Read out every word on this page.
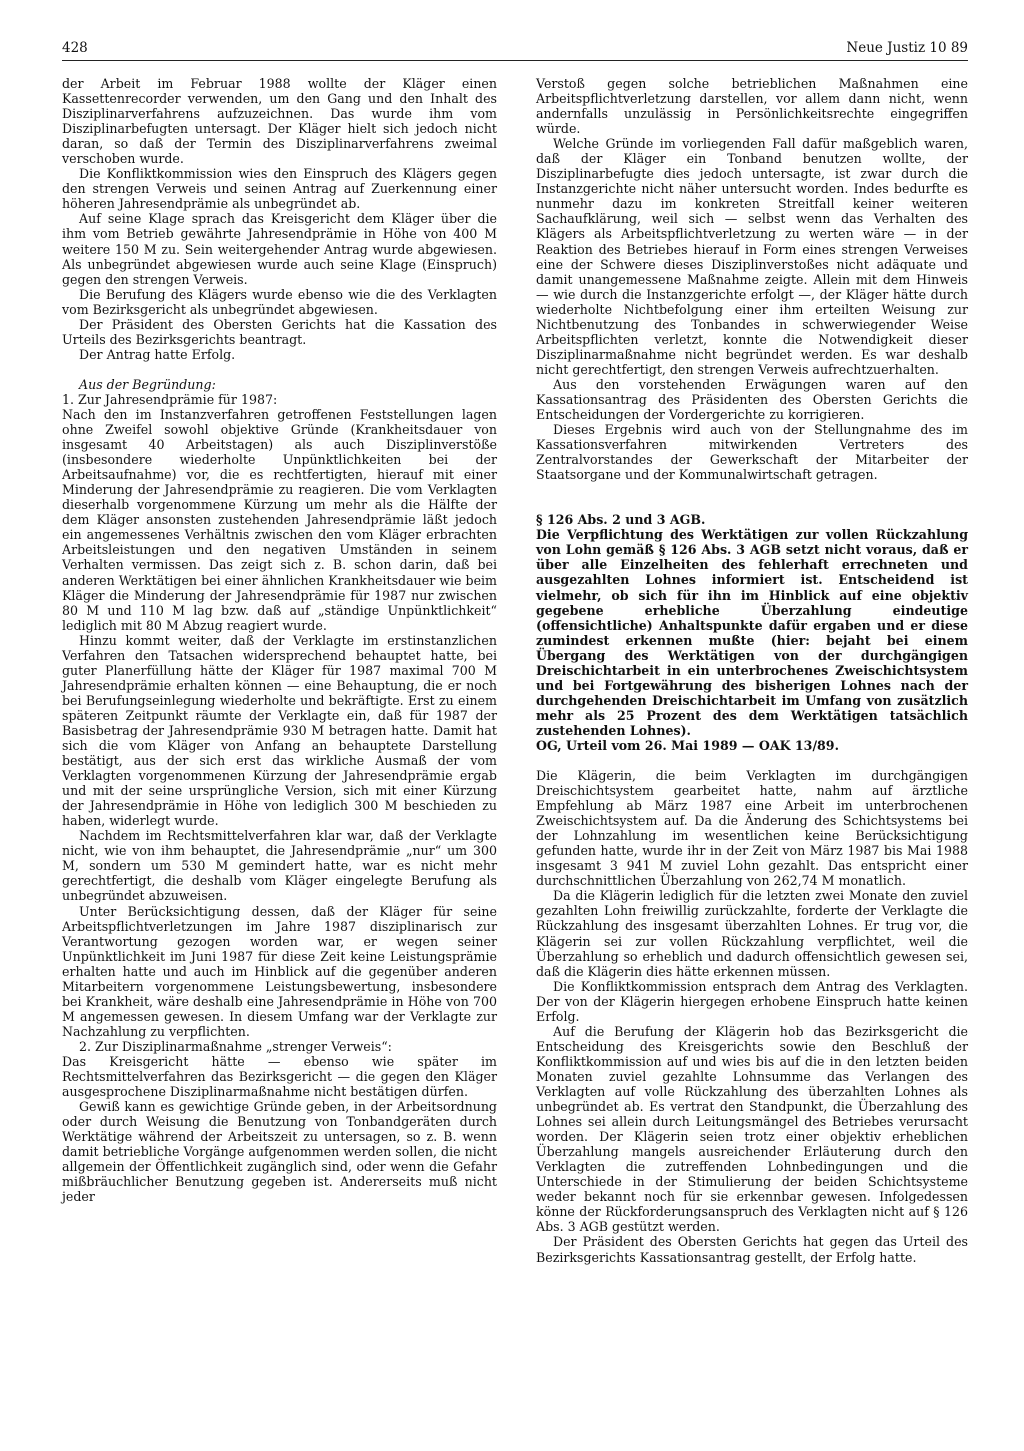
428	Neue Justiz 10 89

der Arbeit im Februar 1988 wollte der Kläger einen Kassettenrecorder verwenden, um den Gang und den Inhalt des Disziplinarverfahrens aufzuzeichnen. Das wurde ihm vom Disziplinarbefugten untersagt. Der Kläger hielt sich jedoch nicht daran, so daß der Termin des Disziplinarverfahrens zweimal verschoben wurde.

Die Konfliktkommission wies den Einspruch des Klägers gegen den strengen Verweis und seinen Antrag auf Zuerkennung einer höheren Jahresendprämie als unbegründet ab.

Auf seine Klage sprach das Kreisgericht dem Kläger über die ihm vom Betrieb gewährte Jahresendprämie in Höhe von 400 M weitere 150 M zu. Sein weitergehender Antrag wurde abgewiesen. Als unbegründet abgewiesen wurde auch seine Klage (Einspruch) gegen den strengen Verweis.

Die Berufung des Klägers wurde ebenso wie die des Verklagten vom Bezirksgericht als unbegründet abgewiesen.

Der Präsident des Obersten Gerichts hat die Kassation des Urteils des Bezirksgerichts beantragt.

Der Antrag hatte Erfolg.

Aus der Begründung:

1. Zur Jahresendprämie für 1987:

Nach den im Instanzverfahren getroffenen Feststellungen lagen ohne Zweifel sowohl objektive Gründe (Krankheitsdauer von insgesamt 40 Arbeitstagen) als auch Disziplinverstöße (insbesondere wiederholte Unpünktlichkeiten bei der Arbeitsaufnahme) vor, die es rechtfertigten, hierauf mit einer Minderung der Jahresendprämie zu reagieren. Die vom Verklagten dieserhalb vorgenommene Kürzung um mehr als die Hälfte der dem Kläger ansonsten zustehenden Jahresendprämie läßt jedoch ein angemessenes Verhältnis zwischen den vom Kläger erbrachten Arbeitsleistungen und den negativen Umständen in seinem Verhalten vermissen. Das zeigt sich z. B. schon darin, daß bei anderen Werktätigen bei einer ähnlichen Krankheitsdauer wie beim Kläger die Minderung der Jahresendprämie für 1987 nur zwischen 80 M und 110 M lag bzw. daß auf „ständige Unpünktlichkeit“ lediglich mit 80 M Abzug reagiert wurde.

Hinzu kommt weiter, daß der Verklagte im erstinstanzlichen Verfahren den Tatsachen widersprechend behauptet hatte, bei guter Planerfüllung hätte der Kläger für 1987 maximal 700 M Jahresendprämie erhalten können — eine Behauptung, die er noch bei Berufungseinlegung wiederholte und bekräftigte. Erst zu einem späteren Zeitpunkt räumte der Verklagte ein, daß für 1987 der Basisbetrag der Jahresendprämie 930 M betragen hatte. Damit hat sich die vom Kläger von Anfang an behauptete Darstellung bestätigt, aus der sich erst das wirkliche Ausmaß der vom Verklagten vorgenommenen Kürzung der Jahresendprämie ergab und mit der seine ursprüngliche Version, sich mit einer Kürzung der Jahresendprämie in Höhe von lediglich 300 M beschieden zu haben, widerlegt wurde.

Nachdem im Rechtsmittelverfahren klar war, daß der Verklagte nicht, wie von ihm behauptet, die Jahresendprämie „nur“ um 300 M, sondern um 530 M gemindert hatte, war es nicht mehr gerechtfertigt, die deshalb vom Kläger eingelegte Berufung als unbegründet abzuweisen.

Unter Berücksichtigung dessen, daß der Kläger für seine Arbeitspflichtverletzungen im Jahre 1987 disziplinarisch zur Verantwortung gezogen worden war, er wegen seiner Unpünktlichkeit im Juni 1987 für diese Zeit keine Leistungsprämie erhalten hatte und auch im Hinblick auf die gegenüber anderen Mitarbeitern vorgenommene Leistungsbewertung, insbesondere bei Krankheit, wäre deshalb eine Jahresendprämie in Höhe von 700 M angemessen gewesen. In diesem Umfang war der Verklagte zur Nachzahlung zu verpflichten.

2. Zur Disziplinarmaßnahme „strenger Verweis“:

Das Kreisgericht hätte — ebenso wie später im Rechtsmittelverfahren das Bezirksgericht — die gegen den Kläger ausgesprochene Disziplinarmaßnahme nicht bestätigen dürfen.

Gewiß kann es gewichtige Gründe geben, in der Arbeitsordnung oder durch Weisung die Benutzung von Tonbandgeräten durch Werktätige während der Arbeitszeit zu untersagen, so z. B. wenn damit betriebliche Vorgänge aufgenommen werden sollen, die nicht allgemein der Öffentlichkeit zugänglich sind, oder wenn die Gefahr mißbräuchlicher Benutzung gegeben ist. Andererseits muß nicht jeder

Verstoß gegen solche betrieblichen Maßnahmen eine Arbeitspflichtverletzung darstellen, vor allem dann nicht, wenn andernfalls unzulässig in Persönlichkeitsrechte eingegriffen würde.

Welche Gründe im vorliegenden Fall dafür maßgeblich waren, daß der Kläger ein Tonband benutzen wollte, der Disziplinarbefugte dies jedoch untersagte, ist zwar durch die Instanzgerichte nicht näher untersucht worden. Indes bedurfte es nunmehr dazu im konkreten Streitfall keiner weiteren Sachaufklärung, weil sich — selbst wenn das Verhalten des Klägers als Arbeitspflichtverletzung zu werten wäre — in der Reaktion des Betriebes hierauf in Form eines strengen Verweises eine der Schwere dieses Disziplinverstoßes nicht adäquate und damit unangemessene Maßnahme zeigte. Allein mit dem Hinweis — wie durch die Instanzgerichte erfolgt —, der Kläger hätte durch wiederholte Nichtbefolgung einer ihm erteilten Weisung zur Nichtbenutzung des Tonbandes in schwerwiegender Weise Arbeitspflichten verletzt, konnte die Notwendigkeit dieser Disziplinarmaßnahme nicht begründet werden. Es war deshalb nicht gerechtfertigt, den strengen Verweis aufrechtzuerhalten.

Aus den vorstehenden Erwägungen waren auf den Kassationsantrag des Präsidenten des Obersten Gerichts die Entscheidungen der Vordergerichte zu korrigieren.

Dieses Ergebnis wird auch von der Stellungnahme des im Kassationsverfahren mitwirkenden Vertreters des Zentralvorstandes der Gewerkschaft der Mitarbeiter der Staatsorgane und der Kommunalwirtschaft getragen.

§ 126 Abs. 2 und 3 AGB.

Die Verpflichtung des Werktätigen zur vollen Rückzahlung von Lohn gemäß § 126 Abs. 3 AGB setzt nicht voraus, daß er über alle Einzelheiten des fehlerhaft errechneten und ausgezahlten Lohnes informiert ist. Entscheidend ist vielmehr, ob sich für ihn im Hinblick auf eine objektiv gegebene erhebliche Überzahlung eindeutige (offensichtliche) Anhaltspunkte dafür ergaben und er diese zumindest erkennen mußte (hier: bejaht bei einem Übergang des Werktätigen von der durchgängigen Dreischichtarbeit in ein unterbrochenes Zweischichtsystem und bei Fortgewährung des bisherigen Lohnes nach der durchgehenden Dreischichtarbeit im Umfang von zusätzlich mehr als 25 Prozent des dem Werktätigen tatsächlich zustehenden Lohnes).

OG, Urteil vom 26. Mai 1989 — OAK 13/89.

Die Klägerin, die beim Verklagten im durchgängigen Dreischichtsystem gearbeitet hatte, nahm auf ärztliche Empfehlung ab März 1987 eine Arbeit im unterbrochenen Zweischichtsystem auf. Da die Änderung des Schichtsystems bei der Lohnzahlung im wesentlichen keine Berücksichtigung gefunden hatte, wurde ihr in der Zeit von März 1987 bis Mai 1988 insgesamt 3 941 M zuviel Lohn gezahlt. Das entspricht einer durchschnittlichen Überzahlung von 262,74 M monatlich.

Da die Klägerin lediglich für die letzten zwei Monate den zuviel gezahlten Lohn freiwillig zurückzahlte, forderte der Verklagte die Rückzahlung des insgesamt überzahlten Lohnes. Er trug vor, die Klägerin sei zur vollen Rückzahlung verpflichtet, weil die Überzahlung so erheblich und dadurch offensichtlich gewesen sei, daß die Klägerin dies hätte erkennen müssen.

Die Konfliktkommission entsprach dem Antrag des Verklagten. Der von der Klägerin hiergegen erhobene Einspruch hatte keinen Erfolg.

Auf die Berufung der Klägerin hob das Bezirksgericht die Entscheidung des Kreisgerichts sowie den Beschluß der Konfliktkommission auf und wies bis auf die in den letzten beiden Monaten zuviel gezahlte Lohnsumme das Verlangen des Verklagten auf volle Rückzahlung des überzahlten Lohnes als unbegründet ab. Es vertrat den Standpunkt, die Überzahlung des Lohnes sei allein durch Leitungsmängel des Betriebes verursacht worden. Der Klägerin seien trotz einer objektiv erheblichen Überzahlung mangels ausreichender Erläuterung durch den Verklagten die zutreffenden Lohnbedingungen und die Unterschiede in der Stimulierung der beiden Schichtsysteme weder bekannt noch für sie erkennbar gewesen. Infolgedessen könne der Rückforderungsanspruch des Verklagten nicht auf § 126 Abs. 3 AGB gestützt werden.

Der Präsident des Obersten Gerichts hat gegen das Urteil des Bezirksgerichts Kassationsantrag gestellt, der Erfolg hatte.
